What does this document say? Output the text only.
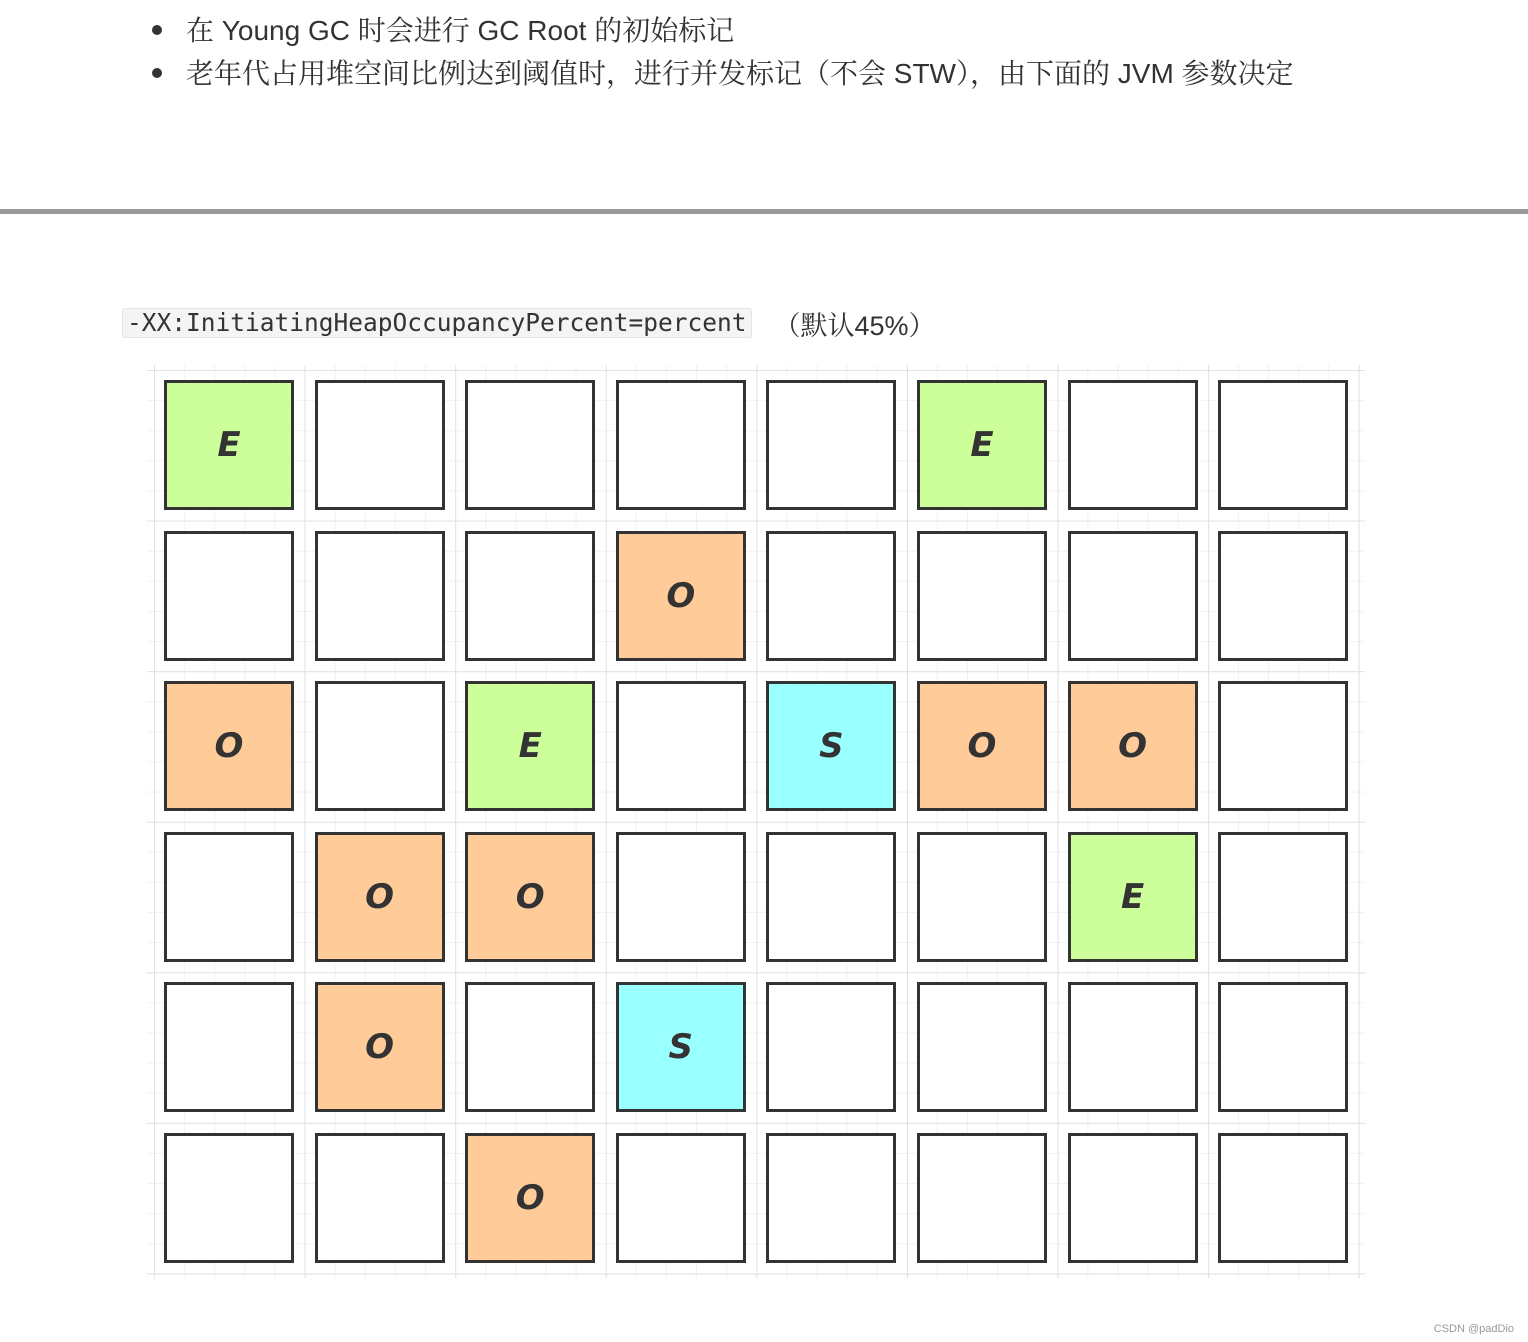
在 Young GC 时会进行 GC Root 的初始标记
老年代占用堆空间比例达到阈值时，进行并发标记（不会 STW），由下面的 JVM 参数决定
-XX:InitiatingHeapOccupancyPercent=percent （默认45%）
E	E
O
O	E	S	O	O
O	O	E
O	S
O
CSDN @padDio
